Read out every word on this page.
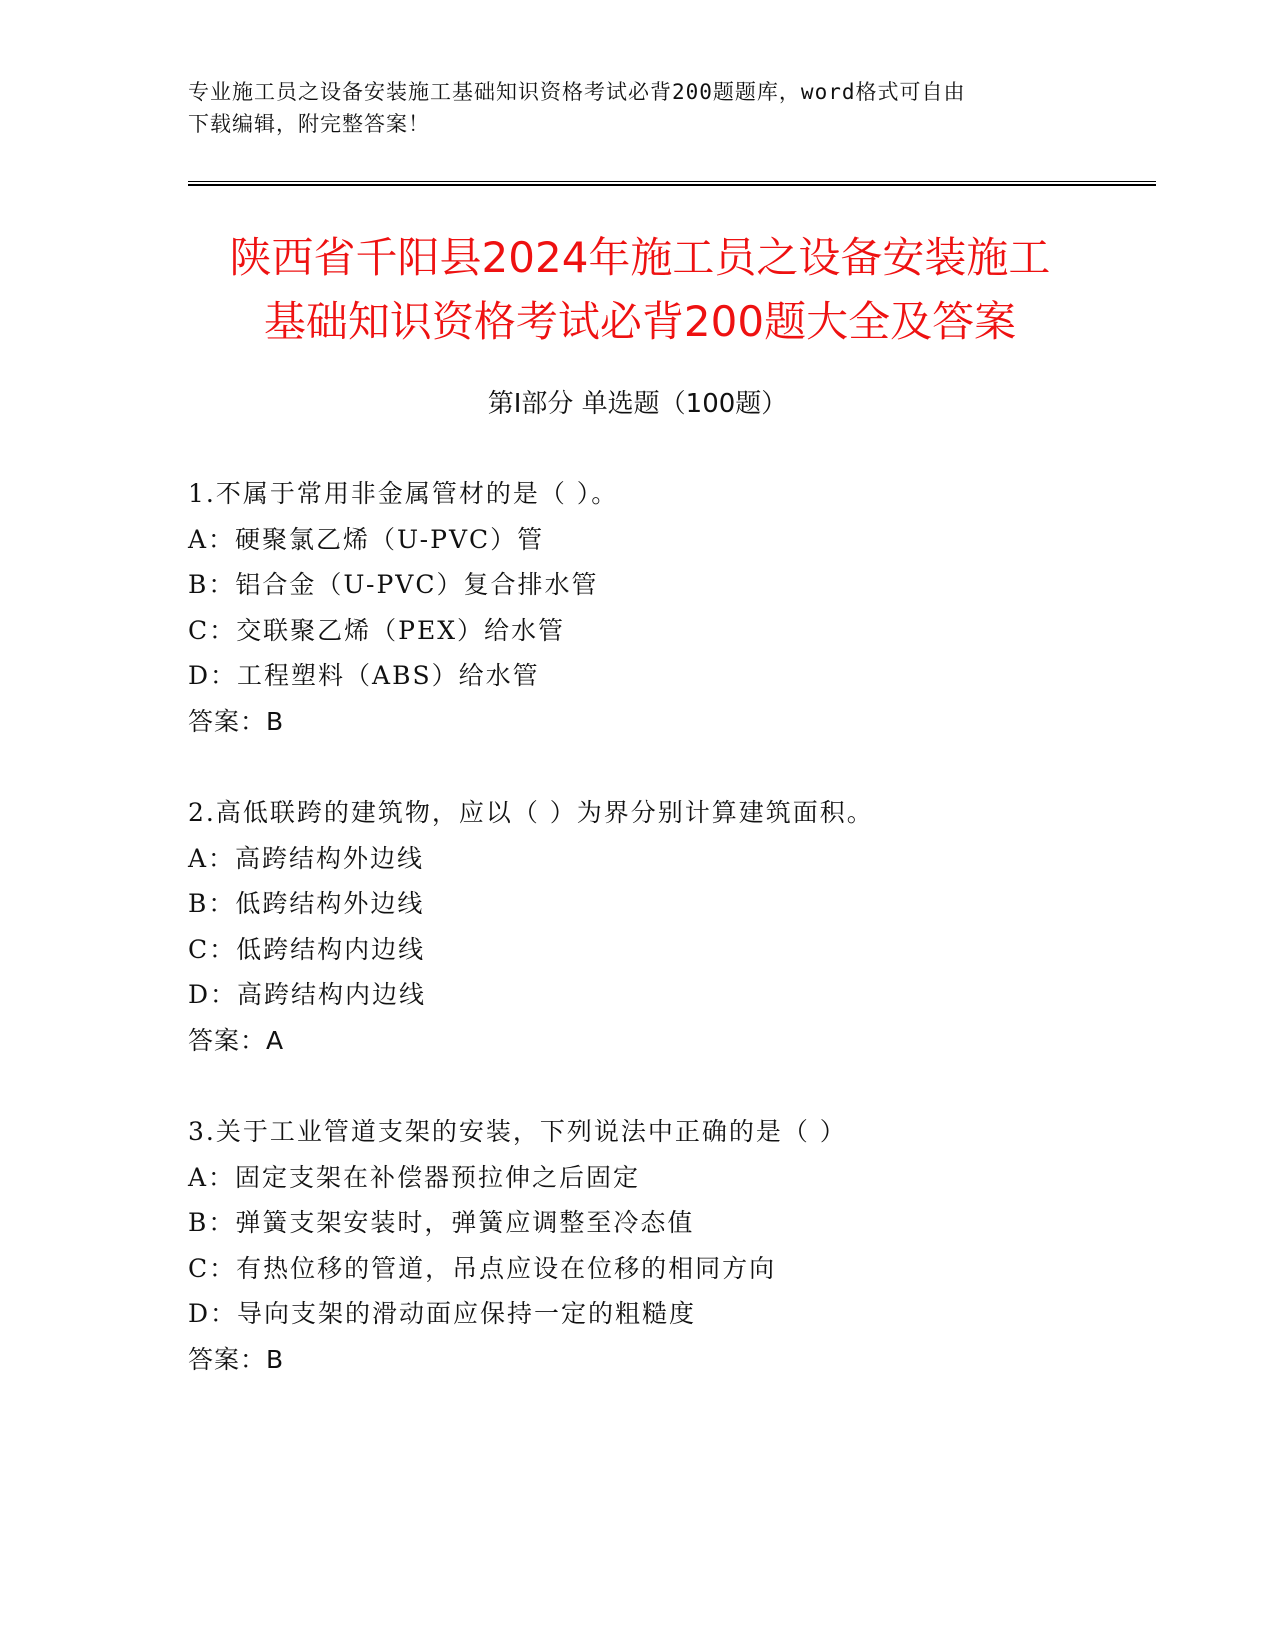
专业施工员之设备安装施工基础知识资格考试必背200题题库，word格式可自由
下载编辑，附完整答案！
陕西省千阳县2024年施工员之设备安装施工
基础知识资格考试必背200题大全及答案
第Ⅰ部分 单选题（100题）
1.不属于常用非金属管材的是（ ）。
A：硬聚氯乙烯（U-PVC）管
B：铝合金（U-PVC）复合排水管
C：交联聚乙烯（PEX）给水管
D：工程塑料（ABS）给水管
答案：B
2.高低联跨的建筑物，应以（ ）为界分别计算建筑面积。
A：高跨结构外边线
B：低跨结构外边线
C：低跨结构内边线
D：高跨结构内边线
答案：A
3.关于工业管道支架的安装，下列说法中正确的是（ ）
A：固定支架在补偿器预拉伸之后固定
B：弹簧支架安装时，弹簧应调整至冷态值
C：有热位移的管道，吊点应设在位移的相同方向
D：导向支架的滑动面应保持一定的粗糙度
答案：B
